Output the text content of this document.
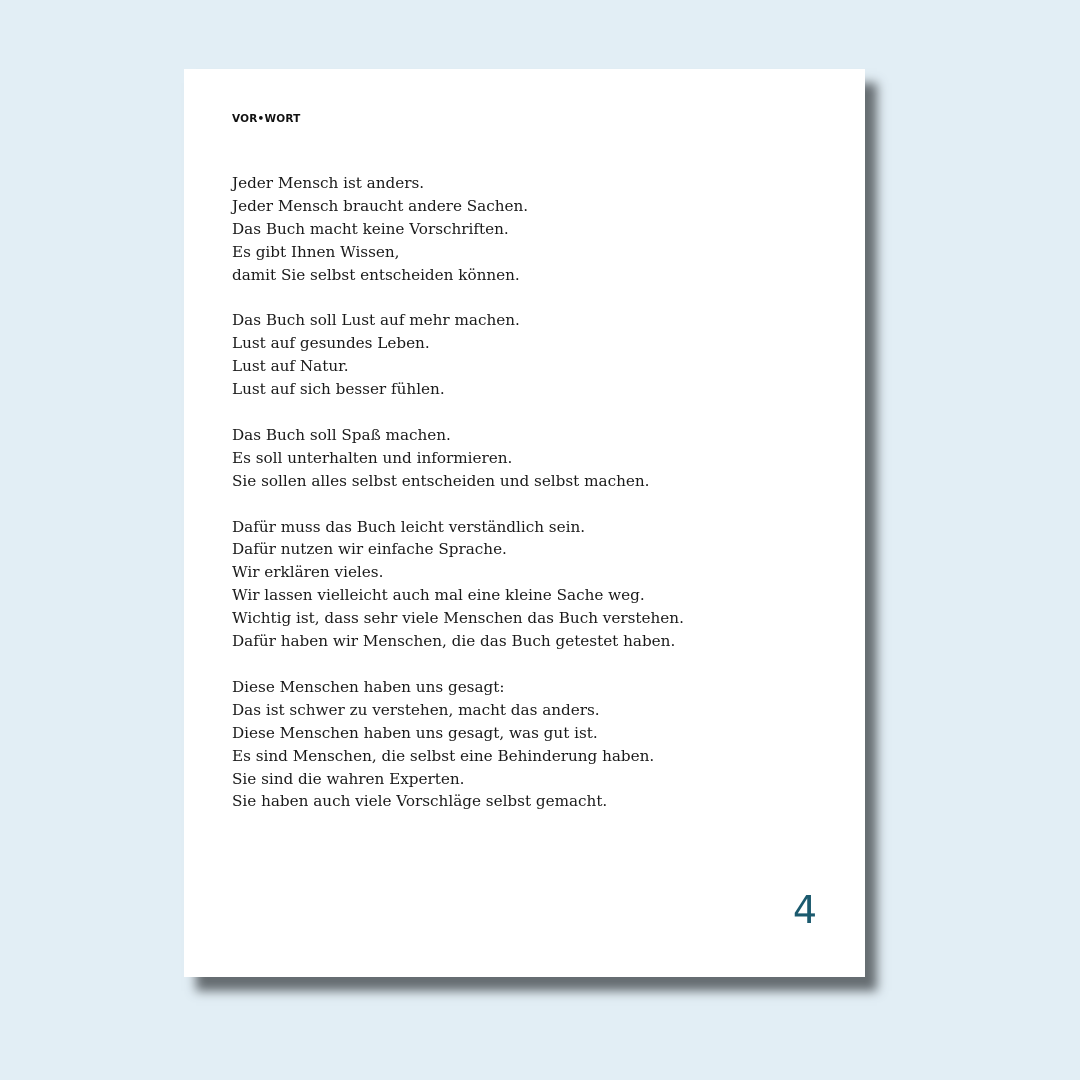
VOR•WORT
Jeder Mensch ist anders.
Jeder Mensch braucht andere Sachen.
Das Buch macht keine Vorschriften.
Es gibt Ihnen Wissen,
damit Sie selbst entscheiden können.
Das Buch soll Lust auf mehr machen.
Lust auf gesundes Leben.
Lust auf Natur.
Lust auf sich besser fühlen.
Das Buch soll Spaß machen.
Es soll unterhalten und informieren.
Sie sollen alles selbst entscheiden und selbst machen.
Dafür muss das Buch leicht verständlich sein.
Dafür nutzen wir einfache Sprache.
Wir erklären vieles.
Wir lassen vielleicht auch mal eine kleine Sache weg.
Wichtig ist, dass sehr viele Menschen das Buch verstehen.
Dafür haben wir Menschen, die das Buch getestet haben.
Diese Menschen haben uns gesagt:
Das ist schwer zu verstehen, macht das anders.
Diese Menschen haben uns gesagt, was gut ist.
Es sind Menschen, die selbst eine Behinderung haben.
Sie sind die wahren Experten.
Sie haben auch viele Vorschläge selbst gemacht.
4
